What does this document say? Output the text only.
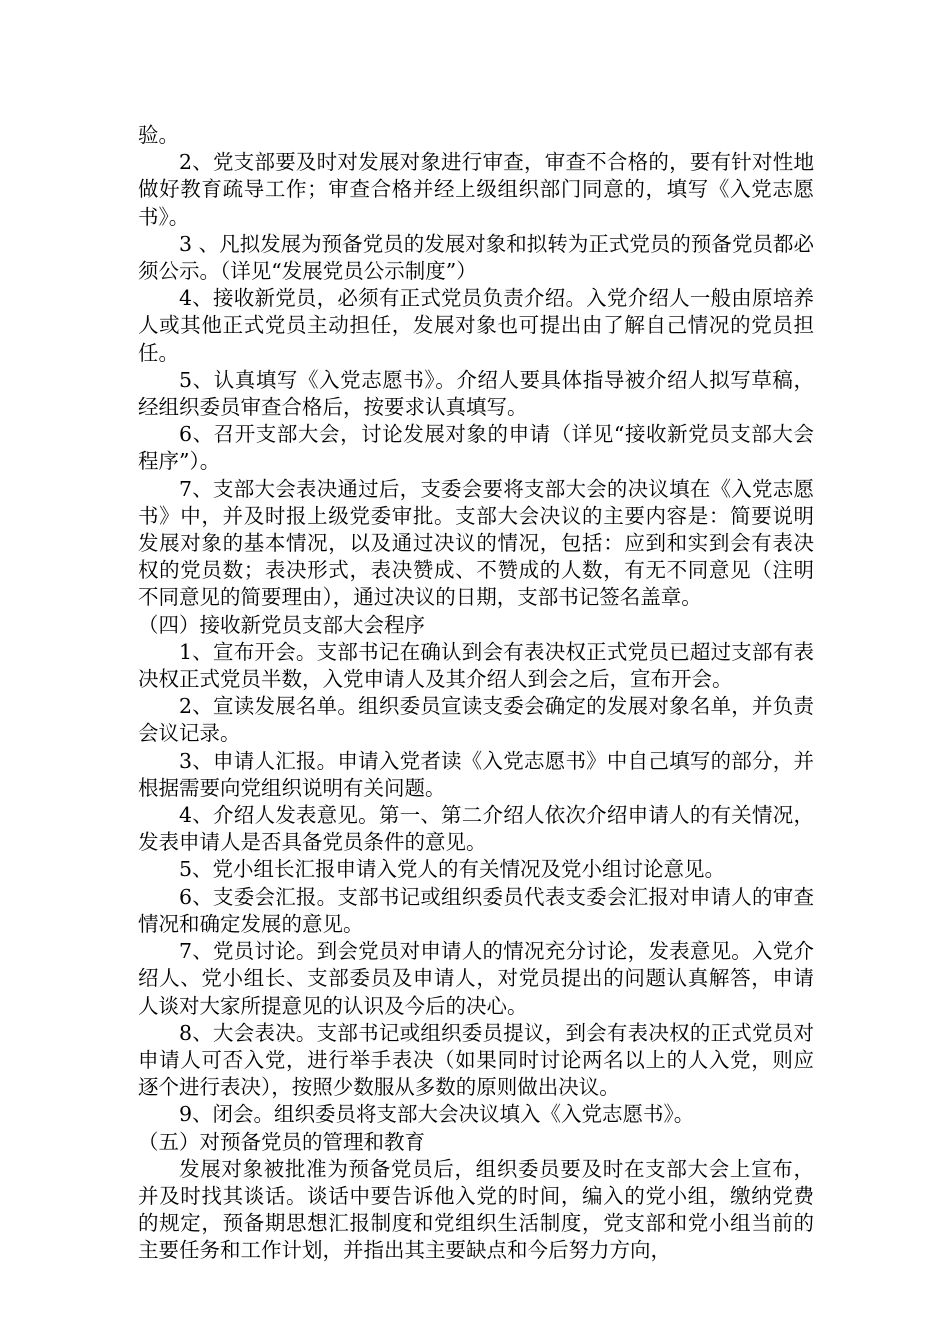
验。

2、党支部要及时对发展对象进行审查，审查不合格的，要有针对性地做好教育疏导工作；审查合格并经上级组织部门同意的，填写《入党志愿书》。

3 、凡拟发展为预备党员的发展对象和拟转为正式党员的预备党员都必须公示。（详见“发展党员公示制度”）

4、接收新党员，必须有正式党员负责介绍。入党介绍人一般由原培养人或其他正式党员主动担任，发展对象也可提出由了解自己情况的党员担任。

5、认真填写《入党志愿书》。介绍人要具体指导被介绍人拟写草稿，经组织委员审查合格后，按要求认真填写。

6、召开支部大会，讨论发展对象的申请（详见“接收新党员支部大会程序”）。

7、支部大会表决通过后，支委会要将支部大会的决议填在《入党志愿书》中，并及时报上级党委审批。支部大会决议的主要内容是：简要说明发展对象的基本情况，以及通过决议的情况，包括：应到和实到会有表决权的党员数；表决形式，表决赞成、不赞成的人数，有无不同意见（注明不同意见的简要理由），通过决议的日期，支部书记签名盖章。

（四）接收新党员支部大会程序

1、宣布开会。支部书记在确认到会有表决权正式党员已超过支部有表决权正式党员半数，入党申请人及其介绍人到会之后，宣布开会。

2、宣读发展名单。组织委员宣读支委会确定的发展对象名单，并负责会议记录。

3、申请人汇报。申请入党者读《入党志愿书》中自己填写的部分，并根据需要向党组织说明有关问题。

4、介绍人发表意见。第一、第二介绍人依次介绍申请人的有关情况，发表申请人是否具备党员条件的意见。

5、党小组长汇报申请入党人的有关情况及党小组讨论意见。

6、支委会汇报。支部书记或组织委员代表支委会汇报对申请人的审查情况和确定发展的意见。

7、党员讨论。到会党员对申请人的情况充分讨论，发表意见。入党介绍人、党小组长、支部委员及申请人，对党员提出的问题认真解答，申请人谈对大家所提意见的认识及今后的决心。

8、大会表决。支部书记或组织委员提议，到会有表决权的正式党员对申请人可否入党，进行举手表决（如果同时讨论两名以上的人入党，则应逐个进行表决），按照少数服从多数的原则做出决议。

9、闭会。组织委员将支部大会决议填入《入党志愿书》。

（五）对预备党员的管理和教育

发展对象被批准为预备党员后，组织委员要及时在支部大会上宣布，并及时找其谈话。谈话中要告诉他入党的时间，编入的党小组，缴纳党费的规定，预备期思想汇报制度和党组织生活制度，党支部和党小组当前的主要任务和工作计划，并指出其主要缺点和今后努力方向，
